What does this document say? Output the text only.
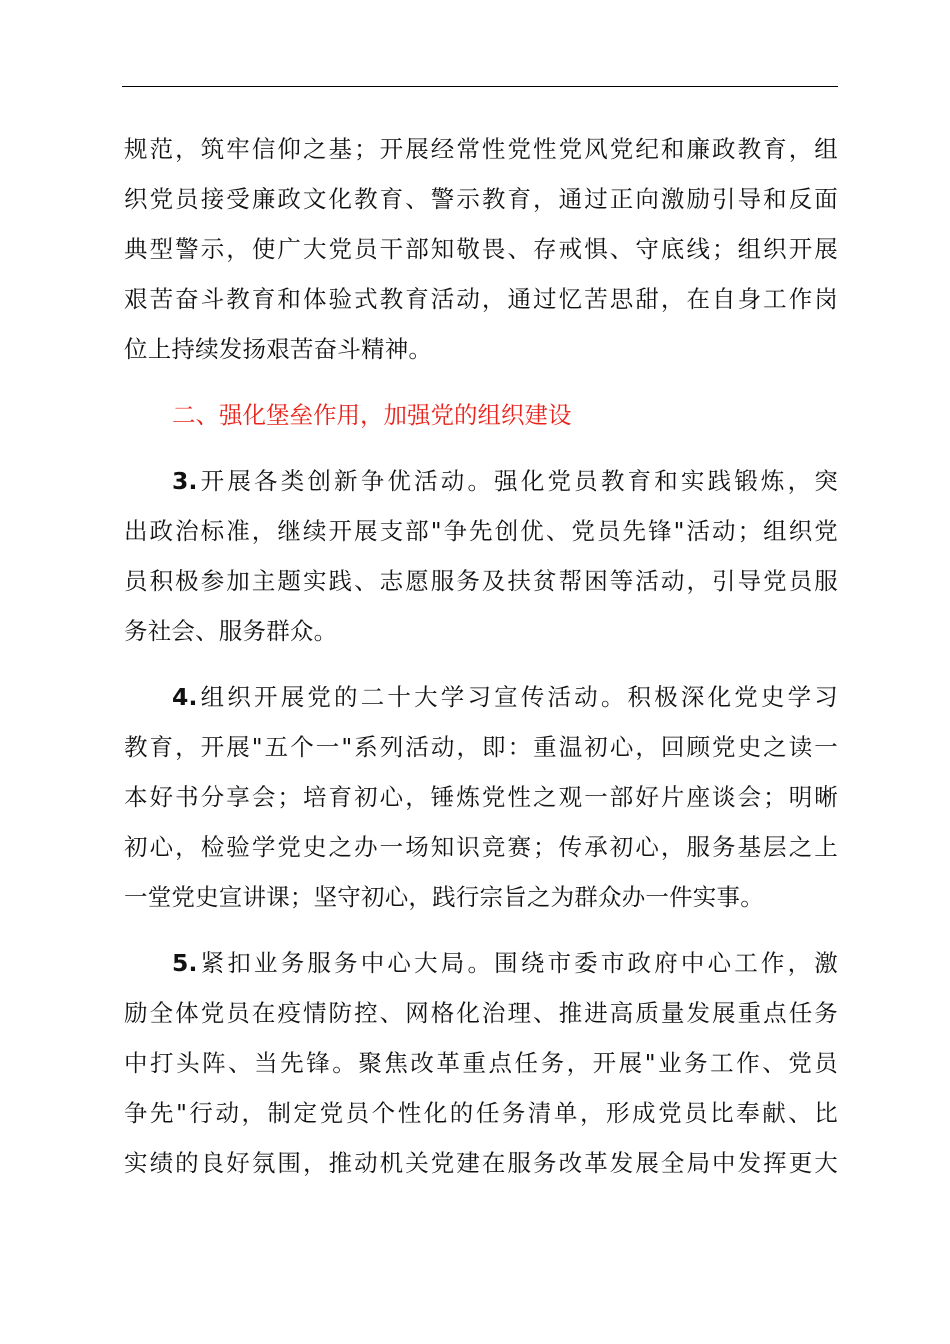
规范，筑牢信仰之基；开展经常性党性党风党纪和廉政教育，组
织党员接受廉政文化教育、警示教育，通过正向激励引导和反面
典型警示，使广大党员干部知敬畏、存戒惧、守底线；组织开展
艰苦奋斗教育和体验式教育活动，通过忆苦思甜，在自身工作岗
位上持续发扬艰苦奋斗精神。
二、强化堡垒作用，加强党的组织建设
3.开展各类创新争优活动。强化党员教育和实践锻炼，突
出政治标准，继续开展支部"争先创优、党员先锋"活动；组织党
员积极参加主题实践、志愿服务及扶贫帮困等活动，引导党员服
务社会、服务群众。
4.组织开展党的二十大学习宣传活动。积极深化党史学习
教育，开展"五个一"系列活动，即：重温初心，回顾党史之读一
本好书分享会；培育初心，锤炼党性之观一部好片座谈会；明晰
初心，检验学党史之办一场知识竞赛；传承初心，服务基层之上
一堂党史宣讲课；坚守初心，践行宗旨之为群众办一件实事。
5.紧扣业务服务中心大局。围绕市委市政府中心工作，激
励全体党员在疫情防控、网格化治理、推进高质量发展重点任务
中打头阵、当先锋。聚焦改革重点任务，开展"业务工作、党员
争先"行动，制定党员个性化的任务清单，形成党员比奉献、比
实绩的良好氛围，推动机关党建在服务改革发展全局中发挥更大
